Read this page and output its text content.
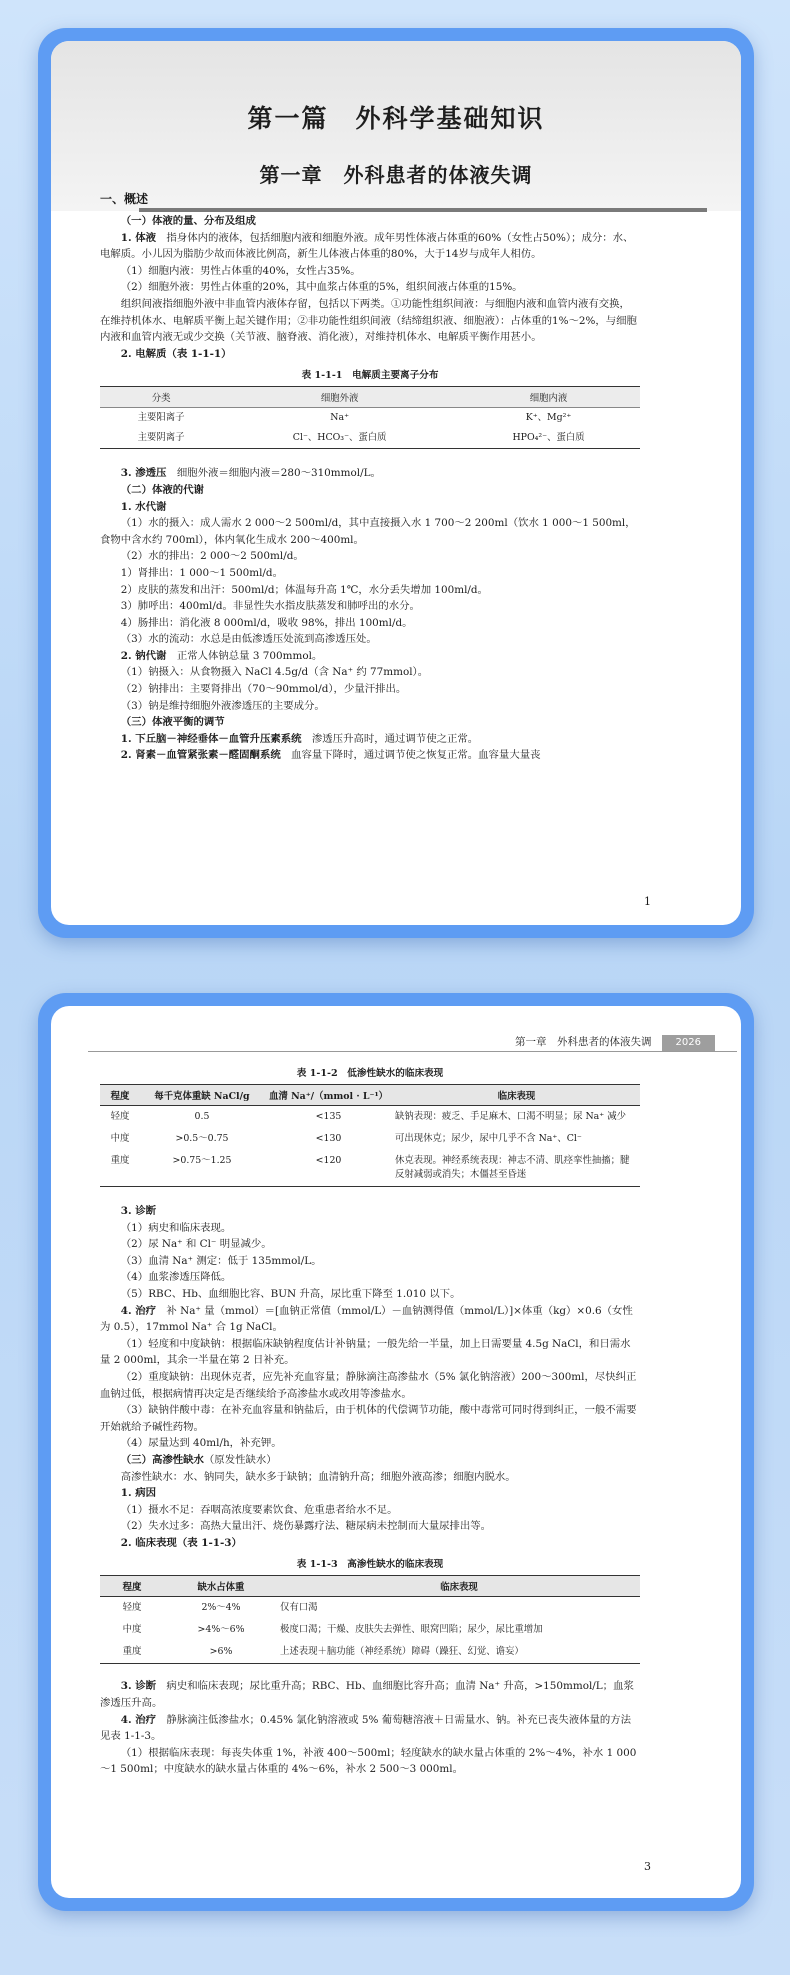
第一篇　外科学基础知识
第一章　外科患者的体液失调
一、概述

（一）体液的量、分布及组成

1. 体液　指身体内的液体，包括细胞内液和细胞外液。成年男性体液占体重的60%（女性占50%）；成分：水、电解质。小儿因为脂肪少故而体液比例高，新生儿体液占体重的80%，大于14岁与成年人相仿。

（1）细胞内液：男性占体重的40%，女性占35%。

（2）细胞外液：男性占体重的20%，其中血浆占体重的5%，组织间液占体重的15%。

组织间液指细胞外液中非血管内液体存留，包括以下两类。①功能性组织间液：与细胞内液和血管内液有交换，在维持机体水、电解质平衡上起关键作用；②非功能性组织间液（结缔组织液、细胞液）：占体重的1%～2%，与细胞内液和血管内液无或少交换（关节液、脑脊液、消化液），对维持机体水、电解质平衡作用甚小。

2. 电解质（表 1-1-1）

表 1-1-1　电解质主要离子分布
分类	细胞外液	细胞内液
主要阳离子	Na⁺	K⁺、Mg²⁺
主要阴离子	Cl⁻、HCO₃⁻、蛋白质	HPO₄²⁻、蛋白质

3. 渗透压　细胞外液＝细胞内液＝280～310mmol/L。

（二）体液的代谢

1. 水代谢

（1）水的摄入：成人需水 2 000～2 500ml/d，其中直接摄入水 1 700～2 200ml（饮水 1 000～1 500ml，食物中含水约 700ml），体内氧化生成水 200～400ml。

（2）水的排出：2 000～2 500ml/d。

1）肾排出：1 000～1 500ml/d。

2）皮肤的蒸发和出汗：500ml/d；体温每升高 1℃，水分丢失增加 100ml/d。

3）肺呼出：400ml/d。非显性失水指皮肤蒸发和肺呼出的水分。

4）肠排出：消化液 8 000ml/d，吸收 98%，排出 100ml/d。

（3）水的流动：水总是由低渗透压处流到高渗透压处。

2. 钠代谢　正常人体钠总量 3 700mmol。

（1）钠摄入：从食物摄入 NaCl 4.5g/d（含 Na⁺ 约 77mmol）。

（2）钠排出：主要肾排出（70～90mmol/d），少量汗排出。

（3）钠是维持细胞外液渗透压的主要成分。

（三）体液平衡的调节

1. 下丘脑－神经垂体－血管升压素系统　渗透压升高时，通过调节使之正常。

2. 肾素－血管紧张素－醛固酮系统　血容量下降时，通过调节使之恢复正常。血容量大量丧

1
第一章　外科患者的体液失调 2026
表 1-1-2　低渗性缺水的临床表现
程度	每千克体重缺 NaCl/g	血清 Na⁺/（mmol · L⁻¹）	临床表现
轻度	0.5	<135	缺钠表现：疲乏、手足麻木、口渴不明显；尿 Na⁺ 减少
中度	>0.5～0.75	<130	可出现休克；尿少，尿中几乎不含 Na⁺、Cl⁻
重度	>0.75～1.25	<120	休克表现。神经系统表现：神志不清、肌痉挛性抽搐；腱反射减弱或消失；木僵甚至昏迷

3. 诊断

（1）病史和临床表现。

（2）尿 Na⁺ 和 Cl⁻ 明显减少。

（3）血清 Na⁺ 测定：低于 135mmol/L。

（4）血浆渗透压降低。

（5）RBC、Hb、血细胞比容、BUN 升高，尿比重下降至 1.010 以下。

4. 治疗　补 Na⁺ 量（mmol）＝[血钠正常值（mmol/L）－血钠测得值（mmol/L）]×体重（kg）×0.6（女性为 0.5），17mmol Na⁺ 合 1g NaCl。

（1）轻度和中度缺钠：根据临床缺钠程度估计补钠量；一般先给一半量，加上日需要量 4.5g NaCl，和日需水量 2 000ml，其余一半量在第 2 日补充。

（2）重度缺钠：出现休克者，应先补充血容量；静脉滴注高渗盐水（5% 氯化钠溶液）200～300ml，尽快纠正血钠过低，根据病情再决定是否继续给予高渗盐水或改用等渗盐水。

（3）缺钠伴酸中毒：在补充血容量和钠盐后，由于机体的代偿调节功能，酸中毒常可同时得到纠正，一般不需要开始就给予碱性药物。

（4）尿量达到 40ml/h，补充钾。

（三）高渗性缺水（原发性缺水）

高渗性缺水：水、钠同失，缺水多于缺钠；血清钠升高；细胞外液高渗；细胞内脱水。

1. 病因

（1）摄水不足：吞咽高浓度要素饮食、危重患者给水不足。

（2）失水过多：高热大量出汗、烧伤暴露疗法、糖尿病未控制而大量尿排出等。

2. 临床表现（表 1-1-3）

表 1-1-3　高渗性缺水的临床表现
程度	缺水占体重	临床表现
轻度	2%～4%	仅有口渴
中度	>4%～6%	极度口渴；干燥、皮肤失去弹性、眼窝凹陷；尿少，尿比重增加
重度	>6%	上述表现＋脑功能（神经系统）障碍（躁狂、幻觉、谵妄）

3. 诊断　病史和临床表现；尿比重升高；RBC、Hb、血细胞比容升高；血清 Na⁺ 升高，>150mmol/L；血浆渗透压升高。

4. 治疗　静脉滴注低渗盐水；0.45% 氯化钠溶液或 5% 葡萄糖溶液＋日需量水、钠。补充已丧失液体量的方法见表 1-1-3。

（1）根据临床表现：每丧失体重 1%，补液 400～500ml；轻度缺水的缺水量占体重的 2%～4%，补水 1 000～1 500ml；中度缺水的缺水量占体重的 4%～6%，补水 2 500～3 000ml。

3
